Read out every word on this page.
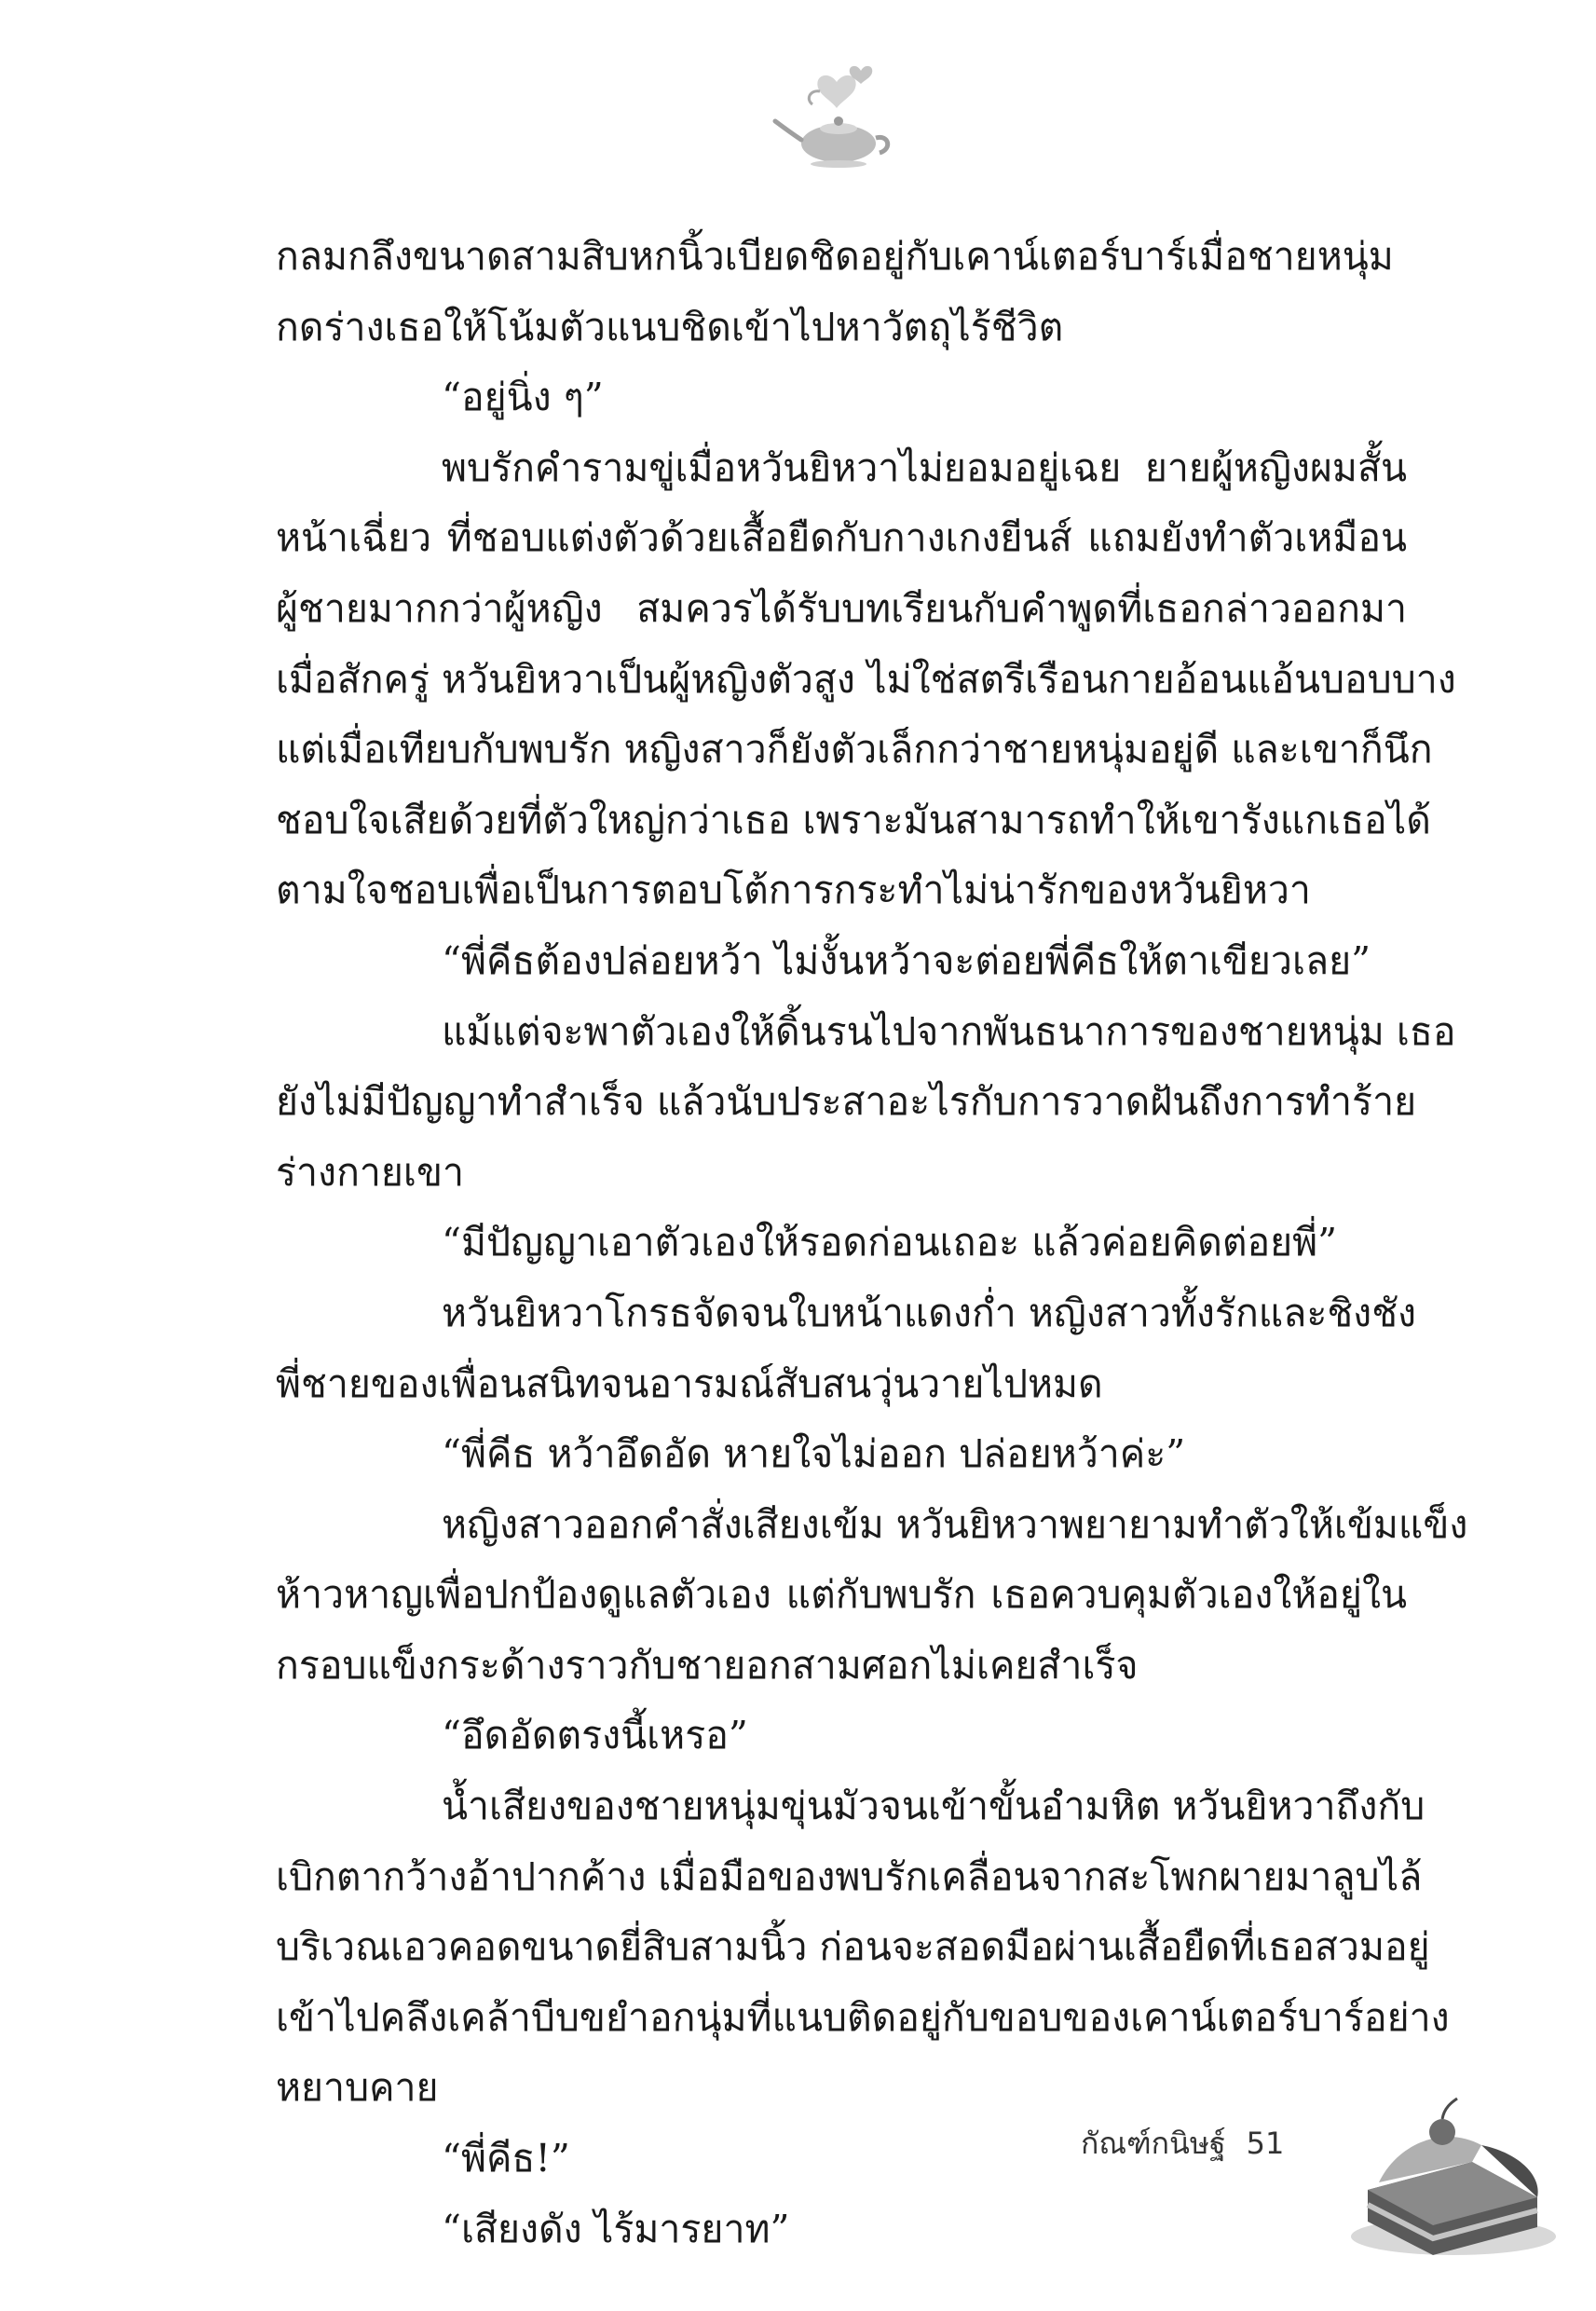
กลมกลึงขนาดสามสิบหกนิ้วเบียดชิดอยู่กับเคาน์เตอร์บาร์เมื่อชายหนุ่ม
กดร่างเธอให้โน้มตัวแนบชิดเข้าไปหาวัตถุไร้ชีวิต
“อยู่นิ่ง ๆ”
พบรักคำรามขู่เมื่อหวันยิหวาไม่ยอมอยู่เฉย ยายผู้หญิงผมสั้น
หน้าเฉี่ยว ที่ชอบแต่งตัวด้วยเสื้อยืดกับกางเกงยีนส์ แถมยังทำตัวเหมือน
ผู้ชายมากกว่าผู้หญิง สมควรได้รับบทเรียนกับคำพูดที่เธอกล่าวออกมา
เมื่อสักครู่ หวันยิหวาเป็นผู้หญิงตัวสูง ไม่ใช่สตรีเรือนกายอ้อนแอ้นบอบบาง
แต่เมื่อเทียบกับพบรัก หญิงสาวก็ยังตัวเล็กกว่าชายหนุ่มอยู่ดี และเขาก็นึก
ชอบใจเสียด้วยที่ตัวใหญ่กว่าเธอ เพราะมันสามารถทำให้เขารังแกเธอได้
ตามใจชอบเพื่อเป็นการตอบโต้การกระทำไม่น่ารักของหวันยิหวา
“พี่คีธต้องปล่อยหว้า ไม่งั้นหว้าจะต่อยพี่คีธให้ตาเขียวเลย”
แม้แต่จะพาตัวเองให้ดิ้นรนไปจากพันธนาการของชายหนุ่ม เธอ
ยังไม่มีปัญญาทำสำเร็จ แล้วนับประสาอะไรกับการวาดฝันถึงการทำร้าย
ร่างกายเขา
“มีปัญญาเอาตัวเองให้รอดก่อนเถอะ แล้วค่อยคิดต่อยพี่”
หวันยิหวาโกรธจัดจนใบหน้าแดงก่ำ หญิงสาวทั้งรักและชิงชัง
พี่ชายของเพื่อนสนิทจนอารมณ์สับสนวุ่นวายไปหมด
“พี่คีธ หว้าอึดอัด หายใจไม่ออก ปล่อยหว้าค่ะ”
หญิงสาวออกคำสั่งเสียงเข้ม หวันยิหวาพยายามทำตัวให้เข้มแข็ง
ห้าวหาญเพื่อปกป้องดูแลตัวเอง แต่กับพบรัก เธอควบคุมตัวเองให้อยู่ใน
กรอบแข็งกระด้างราวกับชายอกสามศอกไม่เคยสำเร็จ
“อึดอัดตรงนี้เหรอ”
น้ำเสียงของชายหนุ่มขุ่นมัวจนเข้าขั้นอำมหิต หวันยิหวาถึงกับ
เบิกตากว้างอ้าปากค้าง เมื่อมือของพบรักเคลื่อนจากสะโพกผายมาลูบไล้
บริเวณเอวคอดขนาดยี่สิบสามนิ้ว ก่อนจะสอดมือผ่านเสื้อยืดที่เธอสวมอยู่
เข้าไปคลึงเคล้าบีบขยำอกนุ่มที่แนบติดอยู่กับขอบของเคาน์เตอร์บาร์อย่าง
หยาบคาย
“พี่คีธ!”
“เสียงดัง ไร้มารยาท”
กัณฑ์กนิษฐ์ 51
